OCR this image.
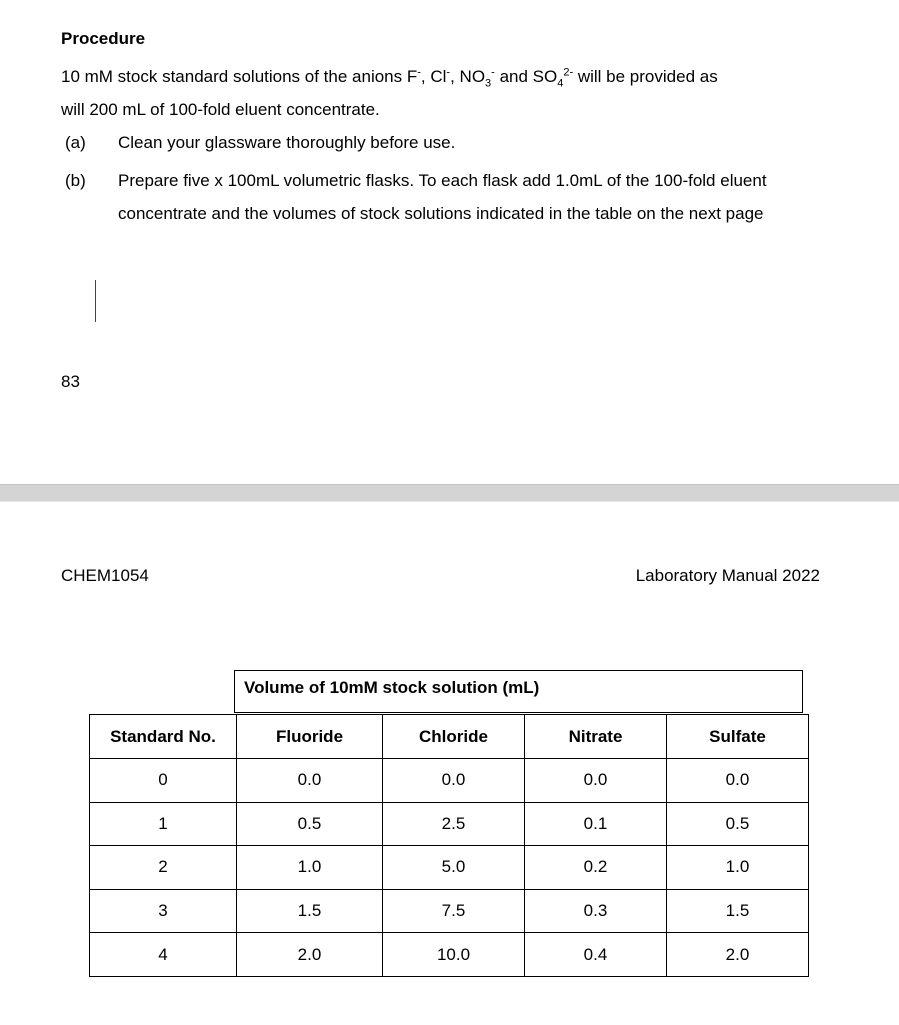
Procedure
10 mM stock standard solutions of the anions F-, Cl-, $NO_3^-$ and $SO_4^{2-}$ will be provided as
will 200 mL of 100-fold eluent concentrate.
(a) Clean your glassware thoroughly before use.
(b) Prepare five x 100mL volumetric flasks. To each flask add 1.0mL of the 100-fold eluent concentrate and the volumes of stock solutions indicated in the table on the next page
83
CHEM1054	Laboratory Manual 2022
Volume of 10mM stock solution (mL)
Standard No.	Fluoride	Chloride	Nitrate	Sulfate
0	0.0	0.0	0.0	0.0
1	0.5	2.5	0.1	0.5
2	1.0	5.0	0.2	1.0
3	1.5	7.5	0.3	1.5
4	2.0	10.0	0.4	2.0
